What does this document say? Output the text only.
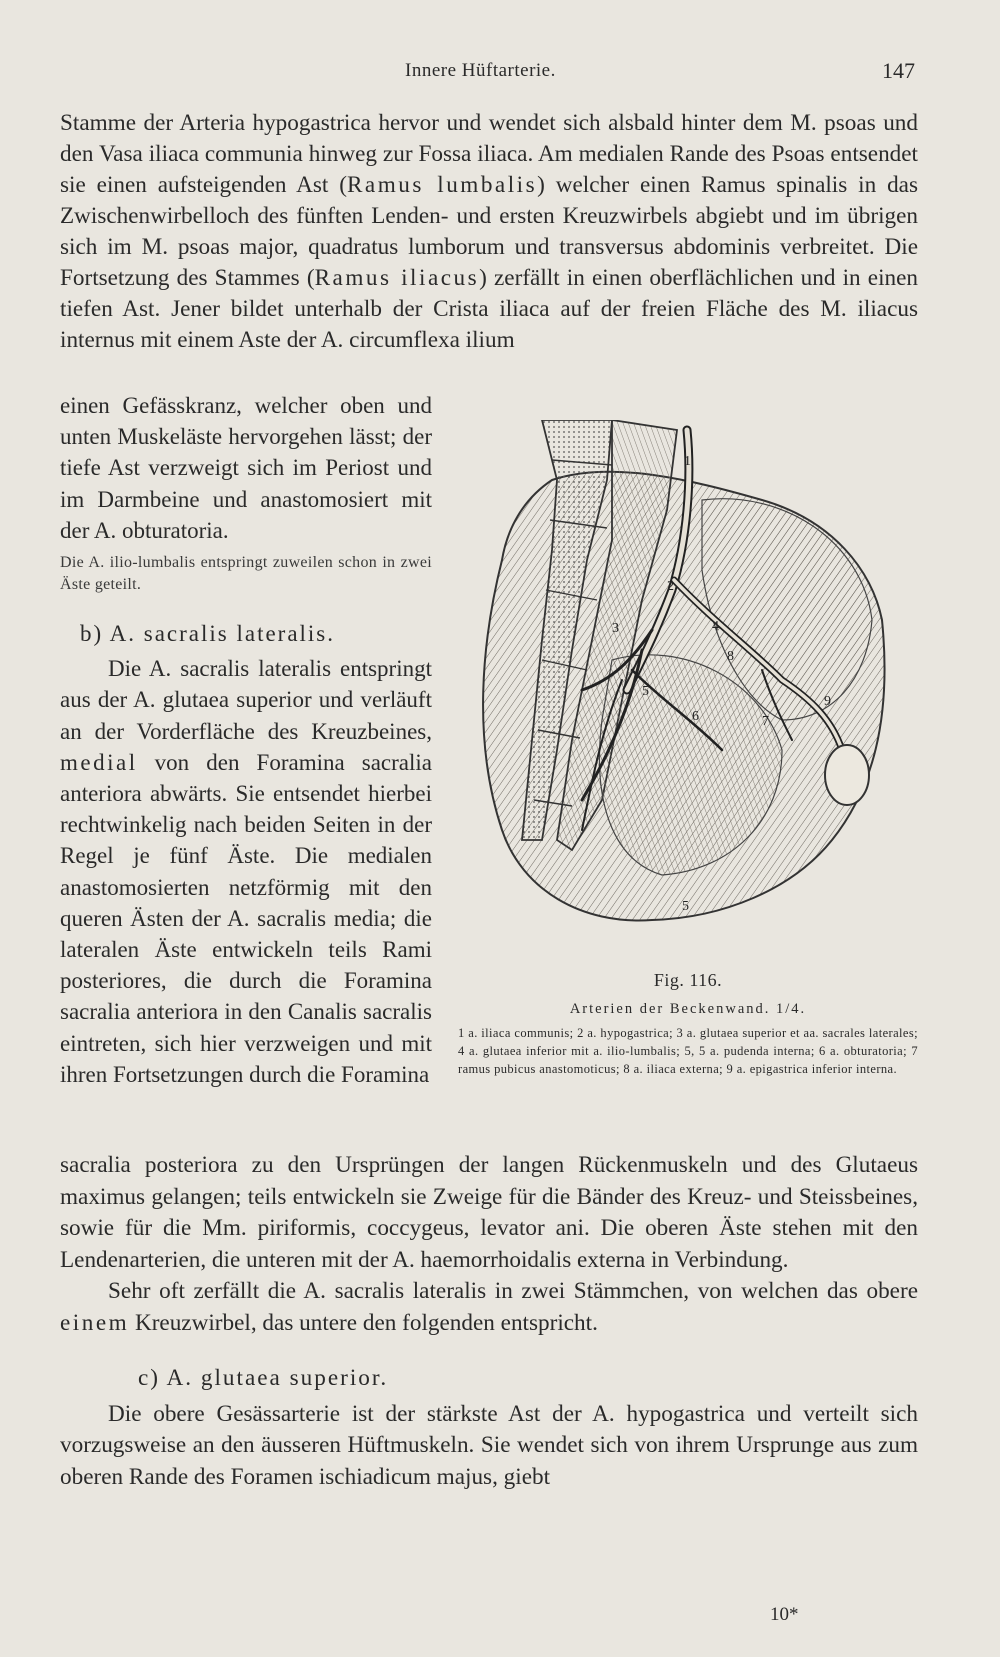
Innere Hüftarterie.	147

Stamme der Arteria hypogastrica hervor und wendet sich alsbald hinter dem M. psoas und den Vasa iliaca communia hinweg zur Fossa iliaca. Am medialen Rande des Psoas entsendet sie einen aufsteigenden Ast (Ramus lumbalis) welcher einen Ramus spinalis in das Zwischenwirbelloch des fünften Lenden- und ersten Kreuzwirbels abgiebt und im übrigen sich im M. psoas major, quadratus lumborum und transversus abdominis verbreitet. Die Fortsetzung des Stammes (Ramus iliacus) zerfällt in einen oberflächlichen und in einen tiefen Ast. Jener bildet unterhalb der Crista iliaca auf der freien Fläche des M. iliacus internus mit einem Aste der A. circumflexa ilium

einen Gefässkranz, welcher oben und unten Muskeläste hervorgehen lässt; der tiefe Ast verzweigt sich im Periost und im Darmbeine und anastomosiert mit der A. obturatoria.

Die A. ilio-lumbalis entspringt zuweilen schon in zwei Äste geteilt.

b) A. sacralis lateralis.

Die A. sacralis lateralis entspringt aus der A. glutaea superior und verläuft an der Vorderfläche des Kreuzbeines, medial von den Foramina sacralia anteriora abwärts. Sie entsendet hierbei rechtwinkelig nach beiden Seiten in der Regel je fünf Äste. Die medialen anastomosierten netzförmig mit den queren Ästen der A. sacralis media; die lateralen Äste entwickeln teils Rami posteriores, die durch die Foramina sacralia anteriora in den Canalis sacralis eintreten, sich hier verzweigen und mit ihren Fortsetzungen durch die Foramina

1
2
3	4
5
6	7
8
9
5
Fig. 116.
Arterien der Beckenwand. 1/4.
1 a. iliaca communis; 2 a. hypogastrica; 3 a. glutaea superior et aa. sacrales laterales; 4 a. glutaea inferior mit a. ilio-lumbalis; 5, 5 a. pudenda interna; 6 a. obturatoria; 7 ramus pubicus anastomoticus; 8 a. iliaca externa; 9 a. epigastrica inferior interna.

sacralia posteriora zu den Ursprüngen der langen Rückenmuskeln und des Glutaeus maximus gelangen; teils entwickeln sie Zweige für die Bänder des Kreuz- und Steissbeines, sowie für die Mm. piriformis, coccygeus, levator ani. Die oberen Äste stehen mit den Lendenarterien, die unteren mit der A. haemorrhoidalis externa in Verbindung.

Sehr oft zerfällt die A. sacralis lateralis in zwei Stämmchen, von welchen das obere einem Kreuzwirbel, das untere den folgenden entspricht.

c) A. glutaea superior.

Die obere Gesässarterie ist der stärkste Ast der A. hypogastrica und verteilt sich vorzugsweise an den äusseren Hüftmuskeln. Sie wendet sich von ihrem Ursprunge aus zum oberen Rande des Foramen ischiadicum majus, giebt

10*
